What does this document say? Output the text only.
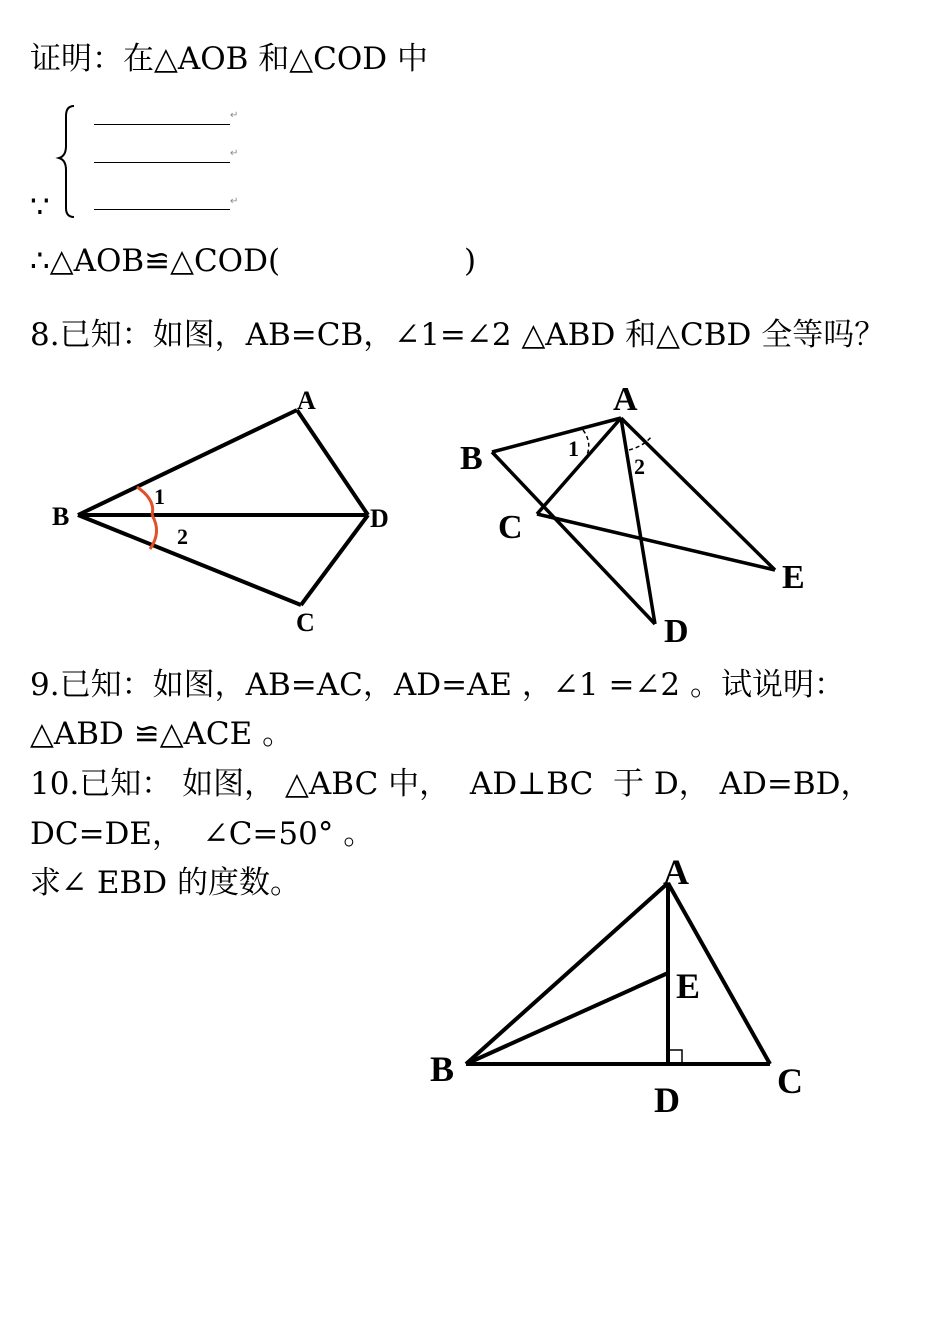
证明：在△AOB 和△COD 中
↵
↵
↵
∵
∴△AOB≌△COD(	)
8.已知：如图，AB=CB，∠1=∠2 △ABD 和△CBD 全等吗？
A
B
C
D
1
2
A
B
C
D
E
1
2
9.已知：如图，AB=AC，AD=AE ，∠1 =∠2 。试说明：
△ABD ≌△ACE 。
10.已知： 如图， △ABC 中，  AD⊥BC  于 D， AD=BD，
DC=DE，  ∠C=50° 。
求∠ EBD 的度数。	A
B	C
D
E
